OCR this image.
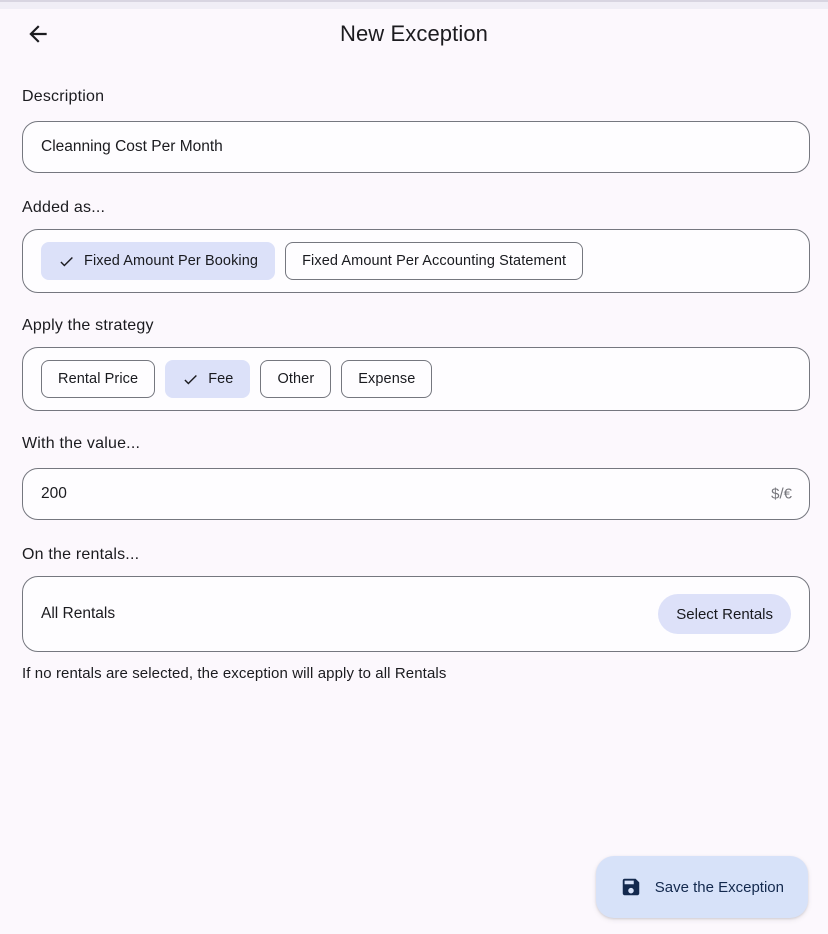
New Exception
Description
Cleanning Cost Per Month
Added as...
Fixed Amount Per Booking	Fixed Amount Per Accounting Statement
Apply the strategy
Rental Price	Fee	Other	Expense
With the value...
200
$/€
On the rentals...
All Rentals	Select Rentals
If no rentals are selected, the exception will apply to all Rentals
Save the Exception
